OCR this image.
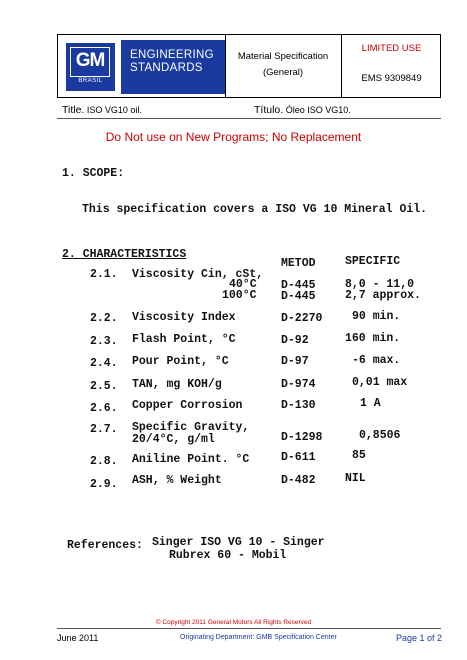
GM
BRASIL
ENGINEERING
STANDARDS
Material Specification
(General)
LIMITED USE
EMS 9309849
Title. ISO VG10 oil.	Título. Óleo ISO VG10.
Do Not use on New Programs; No Replacement
1. SCOPE:
This specification covers a ISO VG 10 Mineral Oil.
2. CHARACTERISTICS
METOD	SPECIFIC
2.1. Viscosity Cin, cSt,
40°C D-445	8,0 - 11,0
100°C D-445	2,7 approx.
2.2. Viscosity Index	D-2270	90 min.
2.3. Flash Point, °C	D-92	160 min.
2.4. Pour Point, °C	D-97	-6 max.
2.5. TAN, mg KOH/g	D-974	0,01 max
2.6. Copper Corrosion	D-130	1 A
2.7. Specific Gravity,
20/4°C, g/ml	D-1298	0,8506
2.8. Aniline Point. °C	D-611	85
2.9. ASH, % Weight	D-482	NIL
References: Singer ISO VG 10 - Singer
Rubrex 60 - Mobil
© Copyright 2011 General Motors All Rights Reserved
June 2011	Originating Department: GMB Specification Center	Page 1 of 2
